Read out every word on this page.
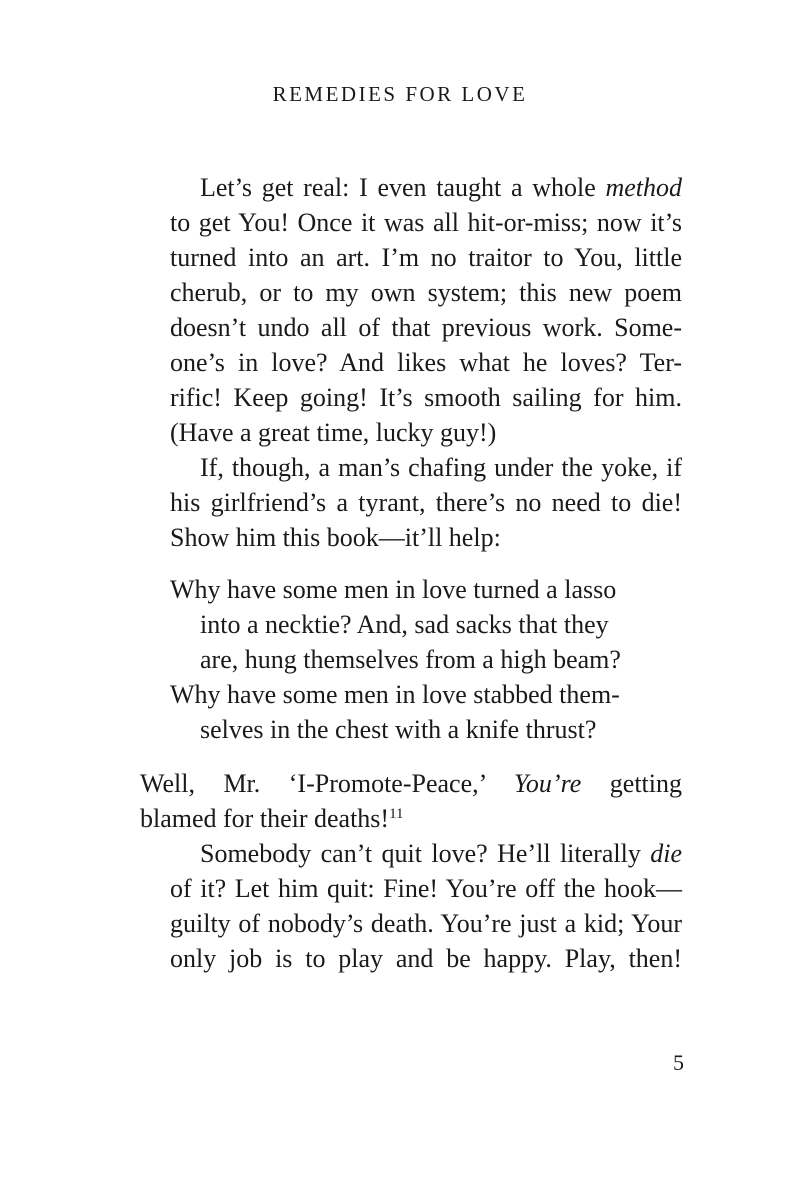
REMEDIES FOR LOVE
Let’s get real: I even taught a whole method
to get You! Once it was all hit-or-miss; now it’s
turned into an art. I’m no traitor to You, little
cherub, or to my own system; this new poem
doesn’t undo all of that previous work. Some-
one’s in love? And likes what he loves? Ter-
rific! Keep going! It’s smooth sailing for him.
(Have a great time, lucky guy!)
If, though, a man’s chafing under the yoke, if
his girlfriend’s a tyrant, there’s no need to die!
Show him this book—it’ll help:
Why have some men in love turned a lasso
into a necktie? And, sad sacks that they
are, hung themselves from a high beam?
Why have some men in love stabbed them-
selves in the chest with a knife thrust?
Well, Mr. ‘I-Promote-Peace,’ You’re getting
blamed for their deaths!$^{11}$
Somebody can’t quit love? He’ll literally die
of it? Let him quit: Fine! You’re off the hook—
guilty of nobody’s death. You’re just a kid; Your
only job is to play and be happy. Play, then!
5
